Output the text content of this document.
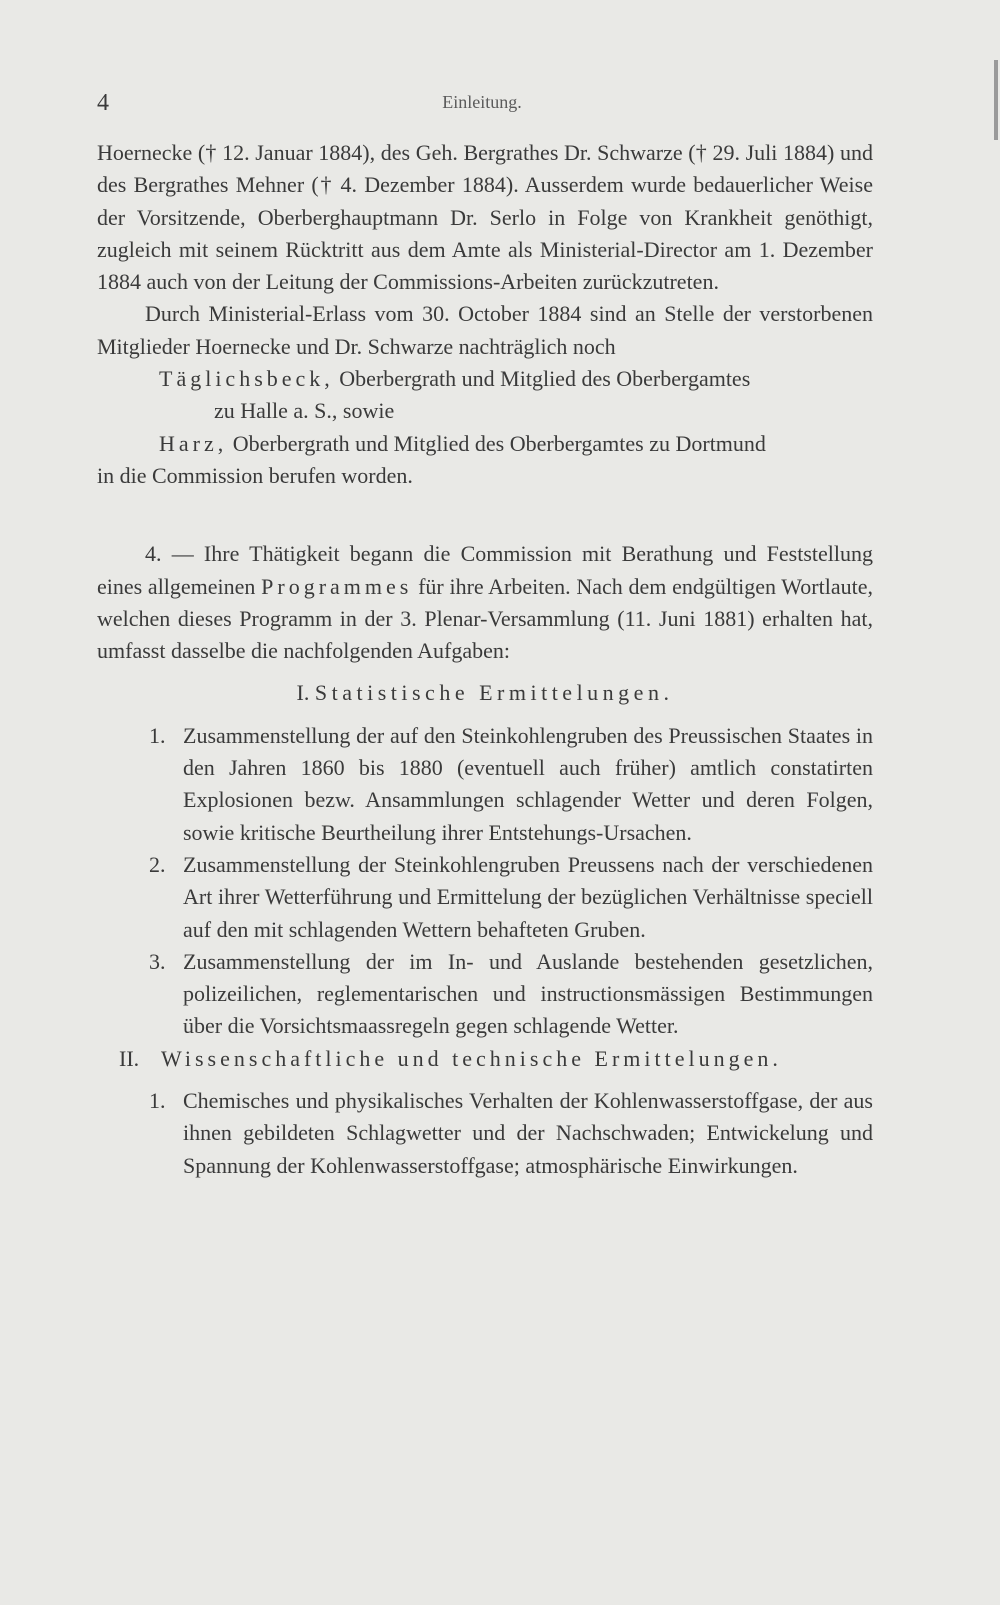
4	Einleitung.

Hoernecke († 12. Januar 1884), des Geh. Bergrathes Dr. Schwarze († 29. Juli 1884) und des Bergrathes Mehner († 4. Dezember 1884). Ausserdem wurde bedauerlicher Weise der Vorsitzende, Oberberghauptmann Dr. Serlo in Folge von Krankheit genöthigt, zugleich mit seinem Rücktritt aus dem Amte als Ministerial-Director am 1. Dezember 1884 auch von der Leitung der Commissions-Arbeiten zurückzutreten.

Durch Ministerial-Erlass vom 30. October 1884 sind an Stelle der verstorbenen Mitglieder Hoernecke und Dr. Schwarze nachträglich noch

Täglichsbeck, Oberbergrath und Mitglied des Oberbergamtes

zu Halle a. S., sowie

Harz, Oberbergrath und Mitglied des Oberbergamtes zu Dortmund

in die Commission berufen worden.

4. — Ihre Thätigkeit begann die Commission mit Berathung und Feststellung eines allgemeinen Programmes für ihre Arbeiten. Nach dem endgültigen Wortlaute, welchen dieses Programm in der 3. Plenar-Versammlung (11. Juni 1881) erhalten hat, umfasst dasselbe die nachfolgenden Aufgaben:

I. Statistische Ermittelungen.

1. Zusammenstellung der auf den Steinkohlengruben des Preussischen Staates in den Jahren 1860 bis 1880 (eventuell auch früher) amtlich constatirten Explosionen bezw. Ansammlungen schlagender Wetter und deren Folgen, sowie kritische Beurtheilung ihrer Entstehungs-Ursachen.
2. Zusammenstellung der Steinkohlengruben Preussens nach der verschiedenen Art ihrer Wetterführung und Ermittelung der bezüglichen Verhältnisse speciell auf den mit schlagenden Wettern behafteten Gruben.
3. Zusammenstellung der im In- und Auslande bestehenden gesetzlichen, polizeilichen, reglementarischen und instructionsmässigen Bestimmungen über die Vorsichtsmaassregeln gegen schlagende Wetter.

II. Wissenschaftliche und technische Ermittelungen.

1. Chemisches und physikalisches Verhalten der Kohlenwasserstoffgase, der aus ihnen gebildeten Schlagwetter und der Nachschwaden; Entwickelung und Spannung der Kohlenwasserstoffgase; atmosphärische Einwirkungen.
